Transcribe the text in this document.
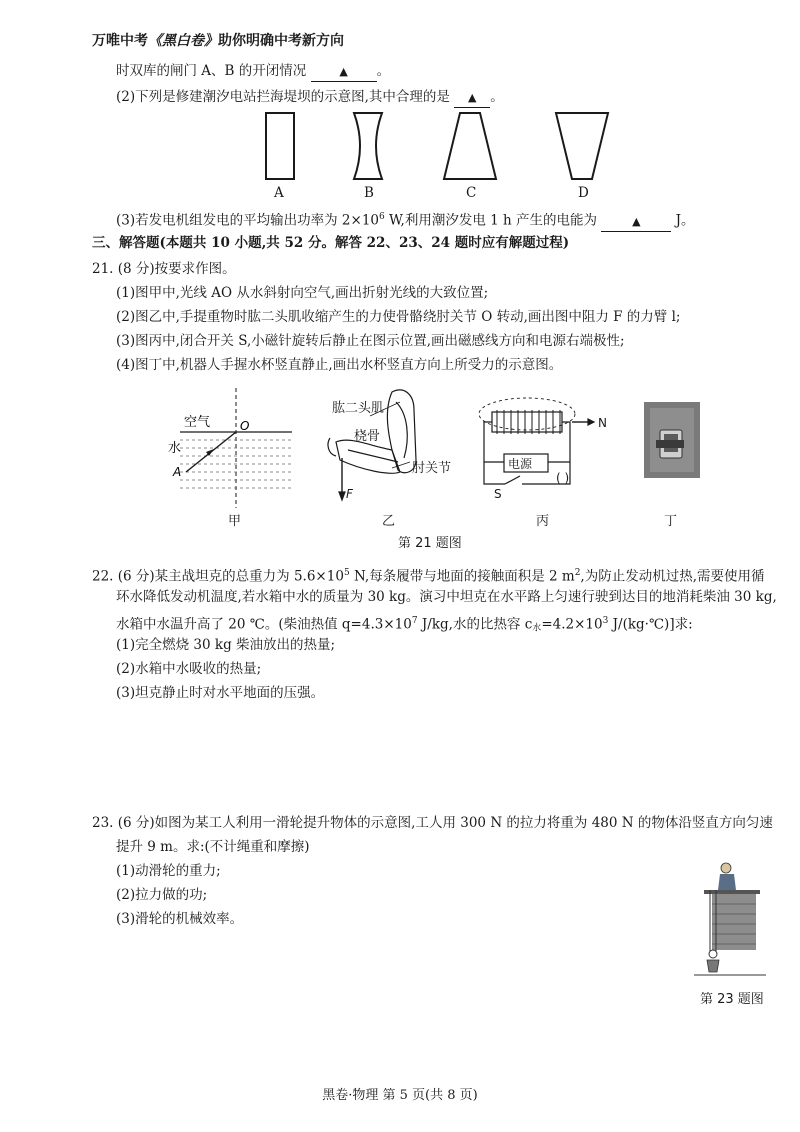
万唯中考《黑白卷》助你明确中考新方向
时双库的闸门 A、B 的开闭情况	▲ 。
(2)下列是修建潮汐电站拦海堤坝的示意图,其中合理的是 ▲ 。
A	B	C	D
(3)若发电机组发电的平均输出功率为 $2\times 10^6$ W,利用潮汐发电 1 h 产生的电能为	▲ J。
三、解答题(本题共 10 小题,共 52 分。解答 22、23、24 题时应有解题过程)
21. (8 分)按要求作图。
(1)图甲中,光线 AO 从水斜射向空气,画出折射光线的大致位置;
(2)图乙中,手提重物时肱二头肌收缩产生的力使骨骼绕肘关节 O 转动,画出图中阻力 F 的力臂 l;
(3)图丙中,闭合开关 S,小磁针旋转后静止在图示位置,画出磁感线方向和电源右端极性;
(4)图丁中,机器人手握水杯竖直静止,画出水杯竖直方向上所受力的示意图。
空气
水
O
A
肱二头肌
桡骨
肘关节
F
N
电源
S
( )
甲	乙	丙	丁
第 21 题图
22. (6 分)某主战坦克的总重力为 $5.6\times 10^5$ N,每条履带与地面的接触面积是 2 $m^2$,为防止发动机过热,需要使用循
环水降低发动机温度,若水箱中水的质量为 30 kg。演习中坦克在水平路上匀速行驶到达目的地消耗柴油 30 kg,
水箱中水温升高了 20 ℃。(柴油热值 $q=4.3\times 10^7$ J/kg,水的比热容 $c_水=4.2\times 10^3$ J/(kg·℃)]求:
(1)完全燃烧 30 kg 柴油放出的热量;
(2)水箱中水吸收的热量;
(3)坦克静止时对水平地面的压强。
23. (6 分)如图为某工人利用一滑轮提升物体的示意图,工人用 300 N 的拉力将重为 480 N 的物体沿竖直方向匀速
提升 9 m。求:(不计绳重和摩擦)
(1)动滑轮的重力;
(2)拉力做的功;
(3)滑轮的机械效率。
第 23 题图
黑卷·物理 第 5 页(共 8 页)
